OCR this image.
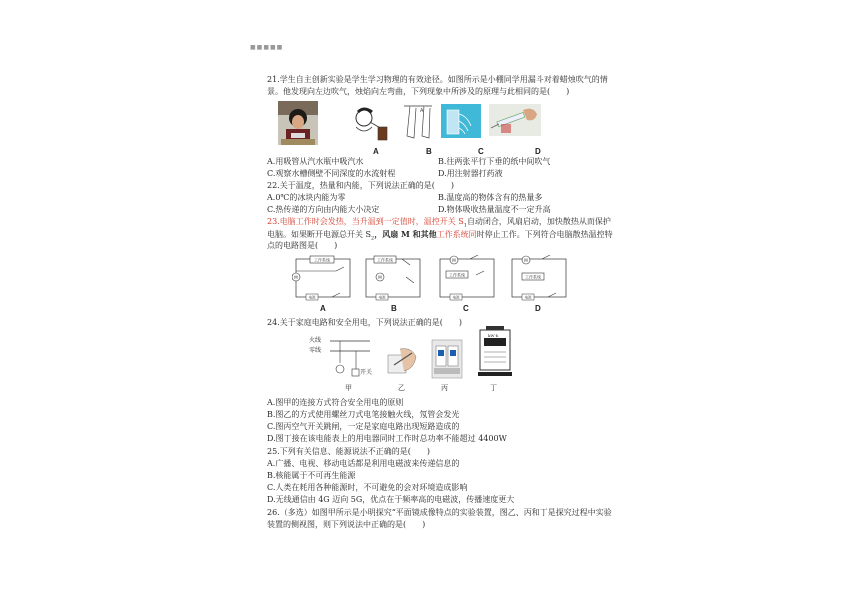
■■■■■
21.学生自主创新实验是学生学习物理的有效途径。如图所示是小棚同学用漏斗对着蜡烛吹气的情
景。他发现向左边吹气，烛焰向左弯曲，下列现象中所涉及的原理与此相同的是(　　)
A
A	B	C	D
A.用吸管从汽水瓶中吸汽水	B.往两张平行下垂的纸中间吹气
C.观察水槽侧壁不同深度的水流射程	D.用注射器打药液
22.关于温度，热量和内能，下列说法正确的是(　　)
A.0℃的冰块内能为零	B.温度高的物体含有的热量多
C.热传递的方向由内能大小决定	D.物体吸收热量温度不一定升高
23.电脑工作时会发热，当升温到一定值时，温控开关 $S_1$自动闭合，风扇启动，加快散热从而保护
电脑。如果断开电源总开关 $S_2$，风扇 M 和其他工作系统同时停止工作。下列符合电脑散热温控特
点的电路图是(　　)
工作系统
M
电源
工作系统
M
电源
M
工作系统
电源
M
工作系统
电源
A	B	C	D
24.关于家庭电路和安全用电，下列说法正确的是(　　)
火线
零线
开关
kW·h
甲	乙	丙	丁
A.图甲的连接方式符合安全用电的原则
B.图乙的方式使用螺丝刀式电笔接触火线，氖管会发光
C.图丙空气开关跳闸，一定是家庭电路出现短路造成的
D.图丁接在该电能表上的用电器同时工作时总功率不能超过 4400W
25.下列有关信息、能源说法不正确的是(　　)
A.广播、电视、移动电话都是利用电磁波来传递信息的
B.核能属于不可再生能源
C.人类在耗用各种能源时，不可避免的会对环境造成影响
D.无线通信由 4G 迈向 5G，优点在于频率高的电磁波，传播速度更大
26.（多选）如图甲所示是小明探究“平面镜成像特点的实验装置，图乙、丙和丁是探究过程中实验
装置的侧视图，则下列说法中正确的是(　　)
